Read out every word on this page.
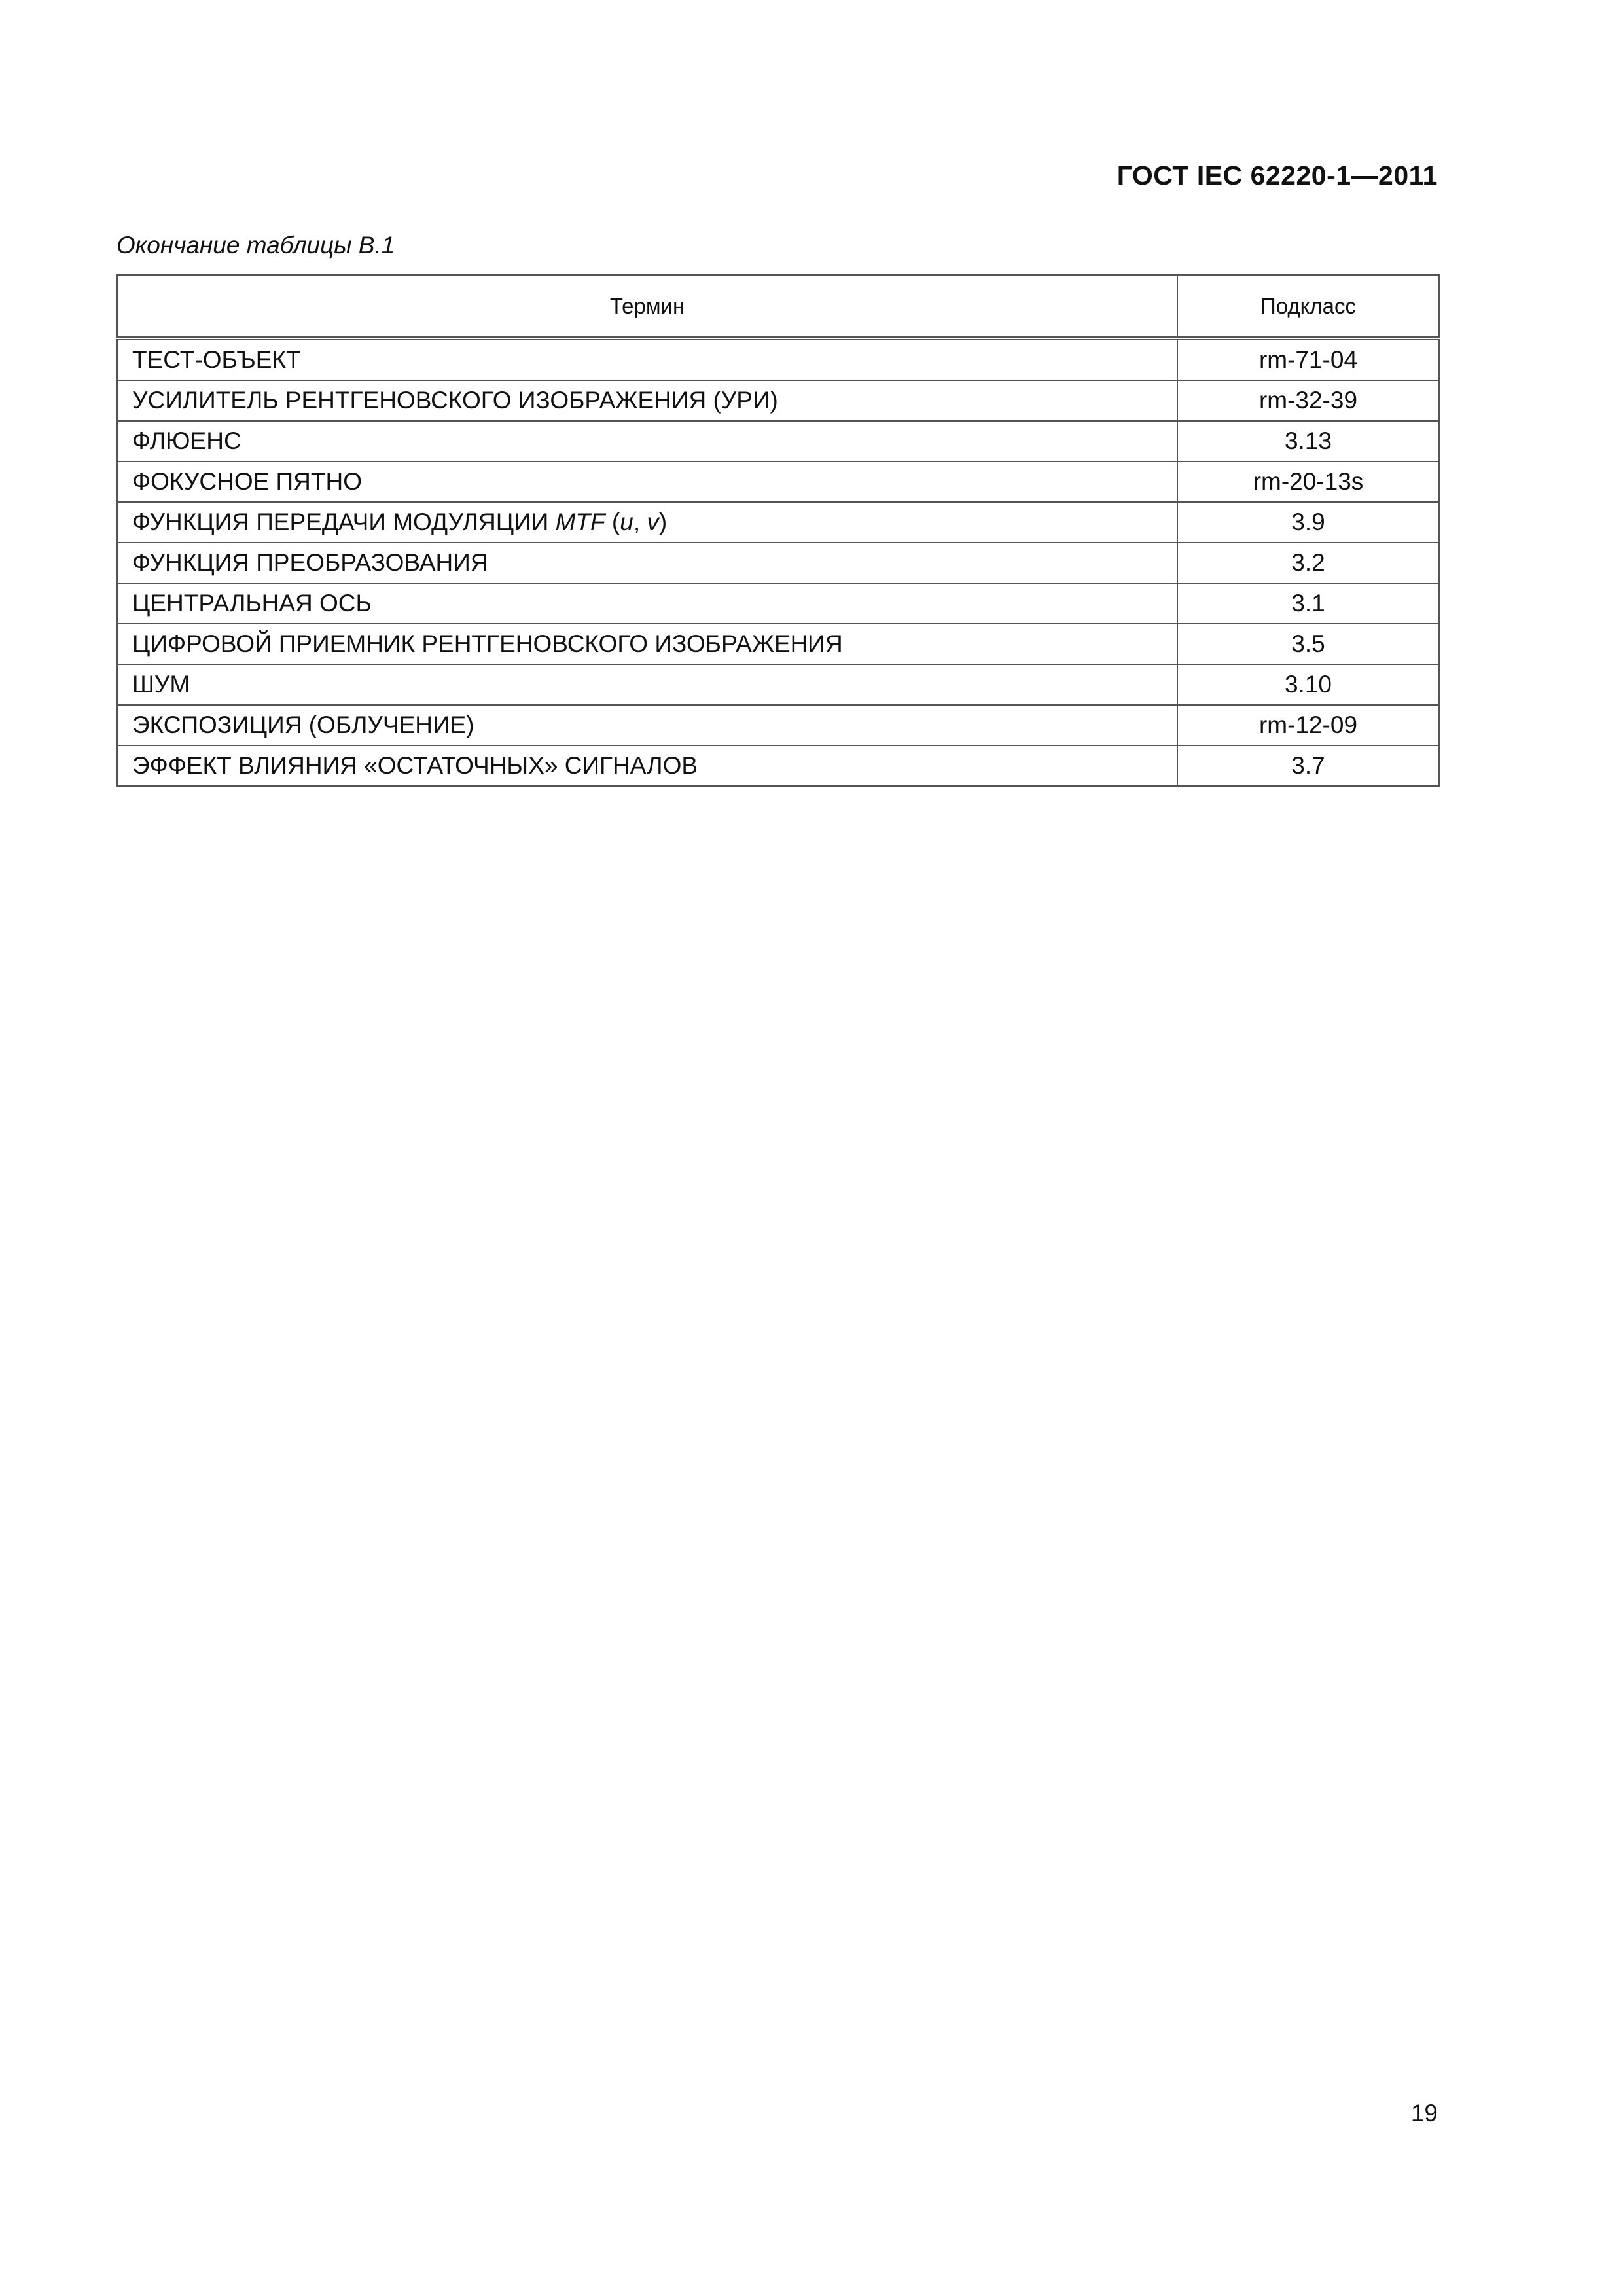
ГОСТ IEC 62220-1—2011
Окончание таблицы В.1
Термин	Подкласс
ТЕСТ-ОБЪЕКТ	rm-71-04
УСИЛИТЕЛЬ РЕНТГЕНОВСКОГО ИЗОБРАЖЕНИЯ (УРИ)	rm-32-39
ФЛЮЕНС	3.13
ФОКУСНОЕ ПЯТНО	rm-20-13s
ФУНКЦИЯ ПЕРЕДАЧИ МОДУЛЯЦИИ MTF (u, v)	3.9
ФУНКЦИЯ ПРЕОБРАЗОВАНИЯ	3.2
ЦЕНТРАЛЬНАЯ ОСЬ	3.1
ЦИФРОВОЙ ПРИЕМНИК РЕНТГЕНОВСКОГО ИЗОБРАЖЕНИЯ	3.5
ШУМ	3.10
ЭКСПОЗИЦИЯ (ОБЛУЧЕНИЕ)	rm-12-09
ЭФФЕКТ ВЛИЯНИЯ «ОСТАТОЧНЫХ» СИГНАЛОВ	3.7
19
